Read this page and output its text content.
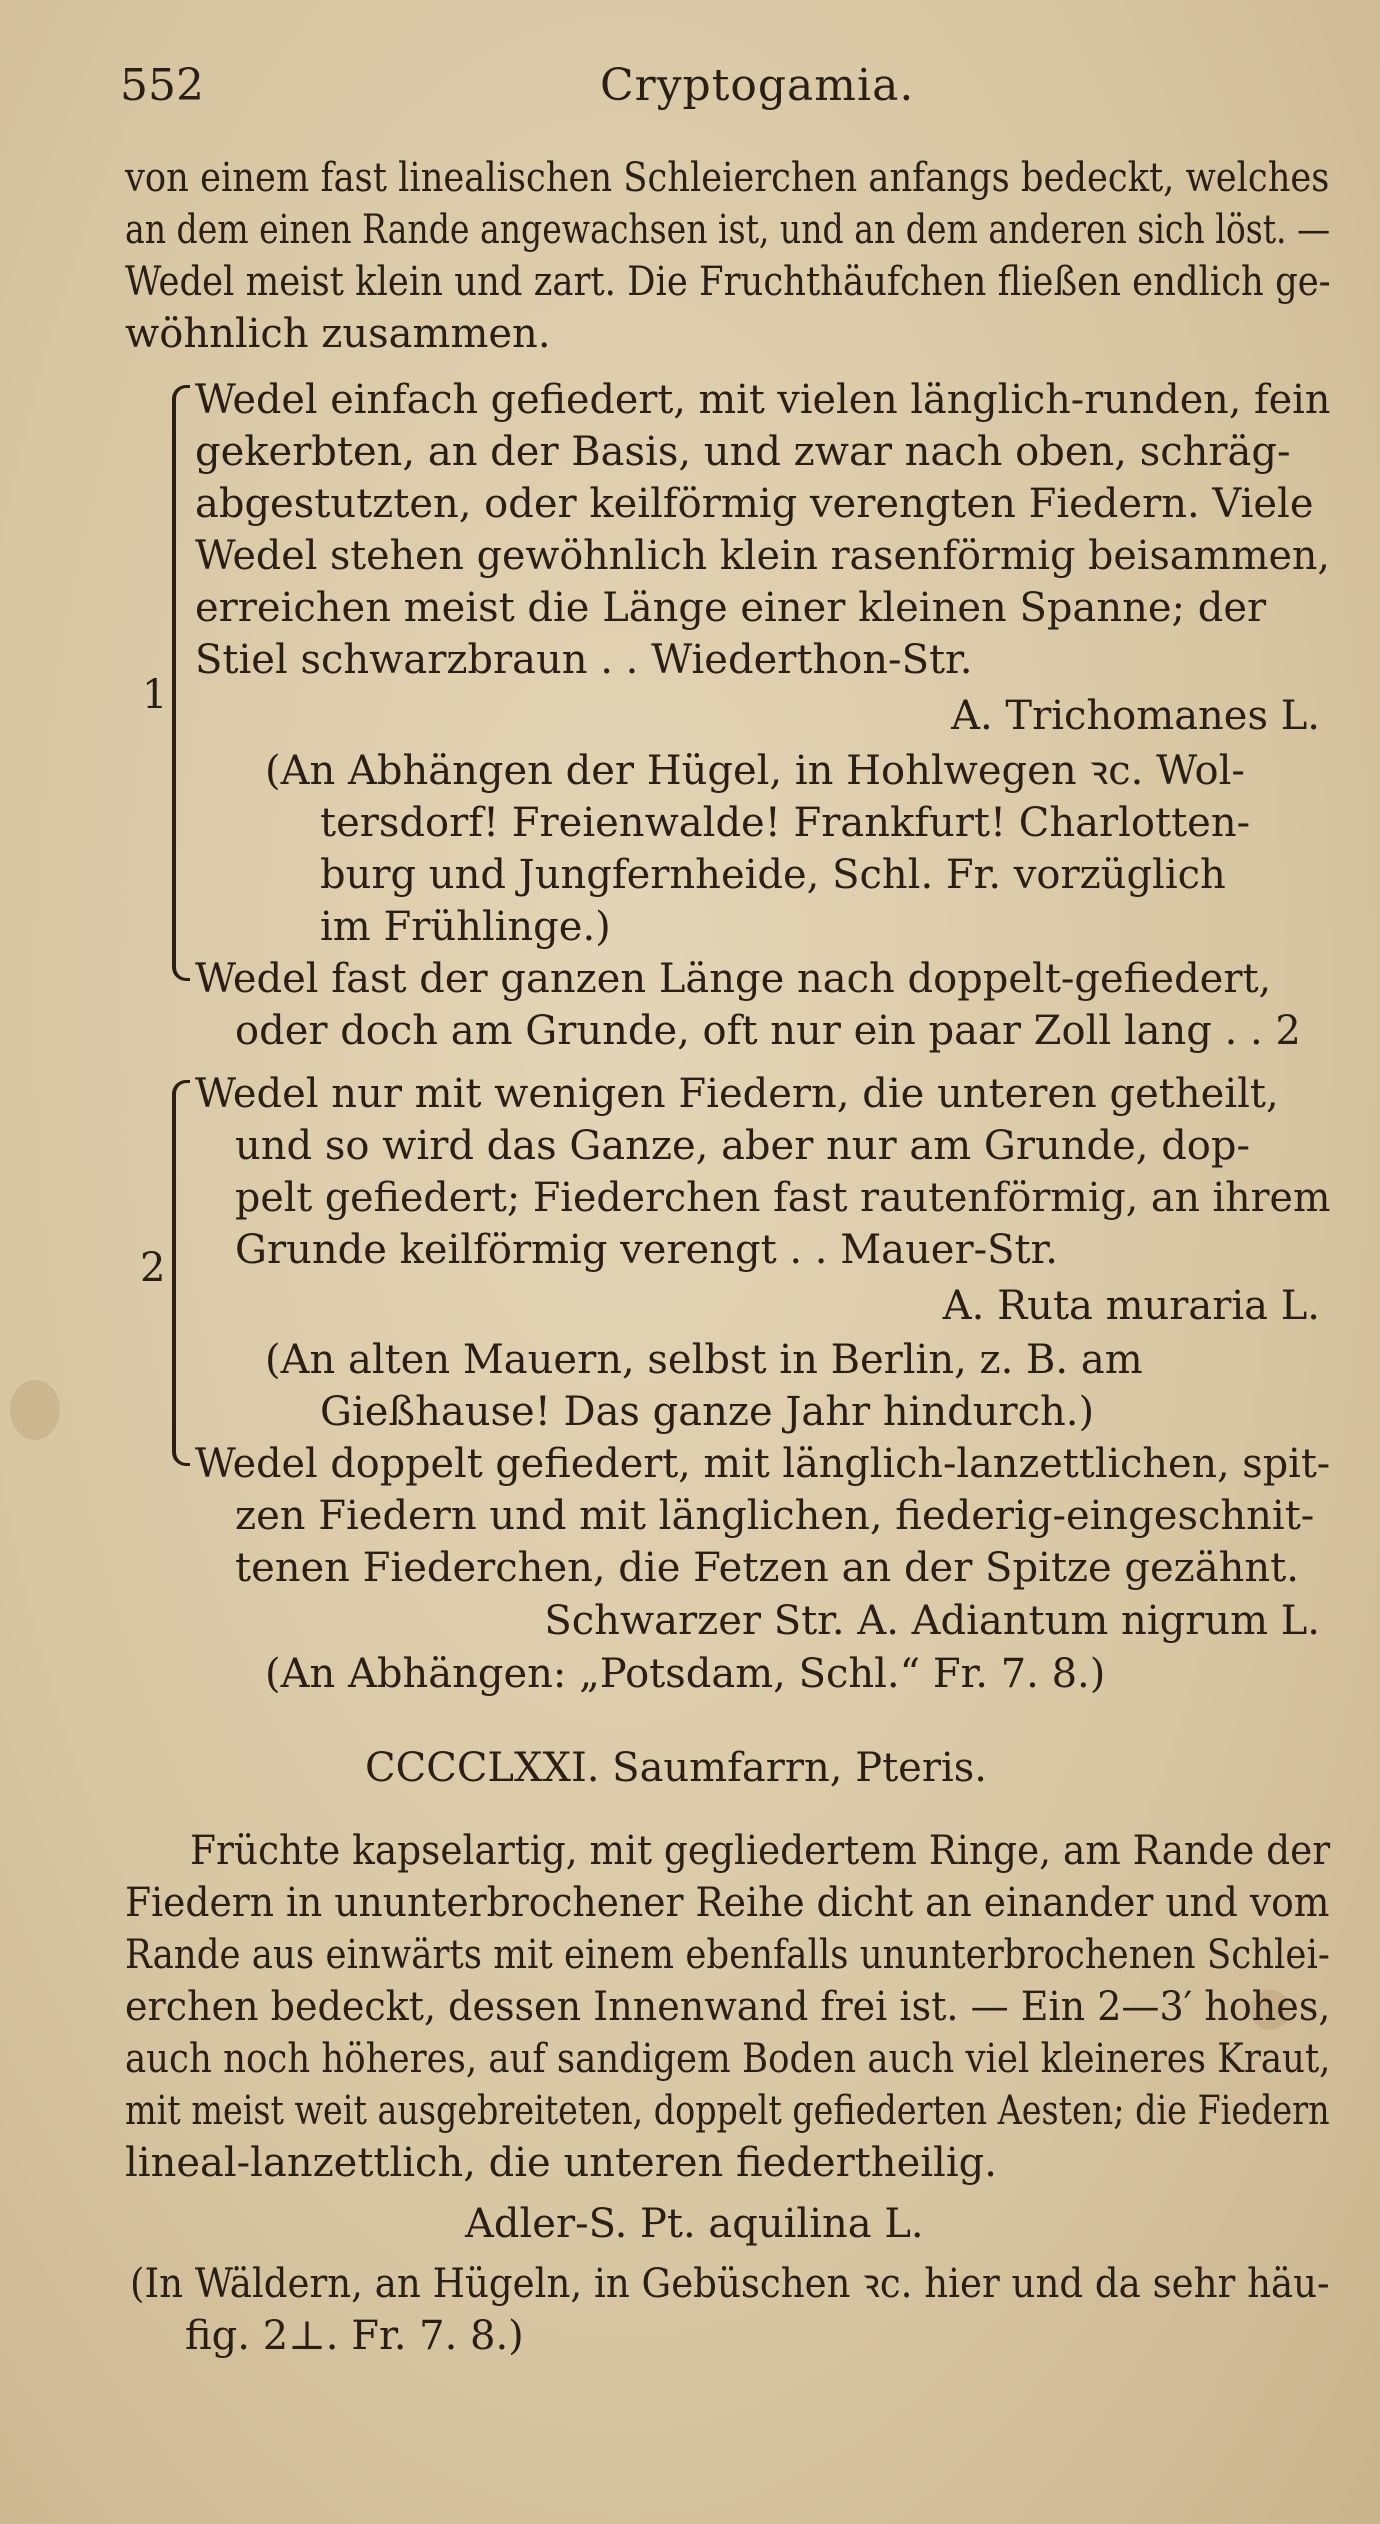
552	Cryptogamia.
von einem fast linealischen Schleierchen anfangs bedeckt, welches
an dem einen Rande angewachsen ist, und an dem anderen sich löst. —
Wedel meist klein und zart. Die Fruchthäufchen fließen endlich ge-
wöhnlich zusammen.
1
Wedel einfach gefiedert, mit vielen länglich-runden, fein
gekerbten, an der Basis, und zwar nach oben, schräg-
abgestutzten, oder keilförmig verengten Fiedern. Viele
Wedel stehen gewöhnlich klein rasenförmig beisammen,
erreichen meist die Länge einer kleinen Spanne; der
Stiel schwarzbraun . . Wiederthon-Str.
A. Trichomanes L.
(An Abhängen der Hügel, in Hohlwegen ꝛc. Wol-
tersdorf! Freienwalde! Frankfurt! Charlotten-
burg und Jungfernheide, Schl. Fr. vorzüglich
im Frühlinge.)
Wedel fast der ganzen Länge nach doppelt-gefiedert,
oder doch am Grunde, oft nur ein paar Zoll lang . . 2
2
Wedel nur mit wenigen Fiedern, die unteren getheilt,
und so wird das Ganze, aber nur am Grunde, dop-
pelt gefiedert; Fiederchen fast rautenförmig, an ihrem
Grunde keilförmig verengt . . Mauer-Str.
A. Ruta muraria L.
(An alten Mauern, selbst in Berlin, z. B. am
Gießhause! Das ganze Jahr hindurch.)
Wedel doppelt gefiedert, mit länglich-lanzettlichen, spit-
zen Fiedern und mit länglichen, fiederig-eingeschnit-
tenen Fiederchen, die Fetzen an der Spitze gezähnt.
Schwarzer Str. A. Adiantum nigrum L.
(An Abhängen: „Potsdam, Schl.“ Fr. 7. 8.)
CCCCLXXI. Saumfarrn, Pteris.
Früchte kapselartig, mit gegliedertem Ringe, am Rande der
Fiedern in ununterbrochener Reihe dicht an einander und vom
Rande aus einwärts mit einem ebenfalls ununterbrochenen Schlei-
erchen bedeckt, dessen Innenwand frei ist. — Ein 2—3′ hohes,
auch noch höheres, auf sandigem Boden auch viel kleineres Kraut,
mit meist weit ausgebreiteten, doppelt gefiederten Aesten; die Fiedern
lineal-lanzettlich, die unteren fiedertheilig.
Adler-S. Pt. aquilina L.
(In Wäldern, an Hügeln, in Gebüschen ꝛc. hier und da sehr häu-
fig. 2⊥. Fr. 7. 8.)
